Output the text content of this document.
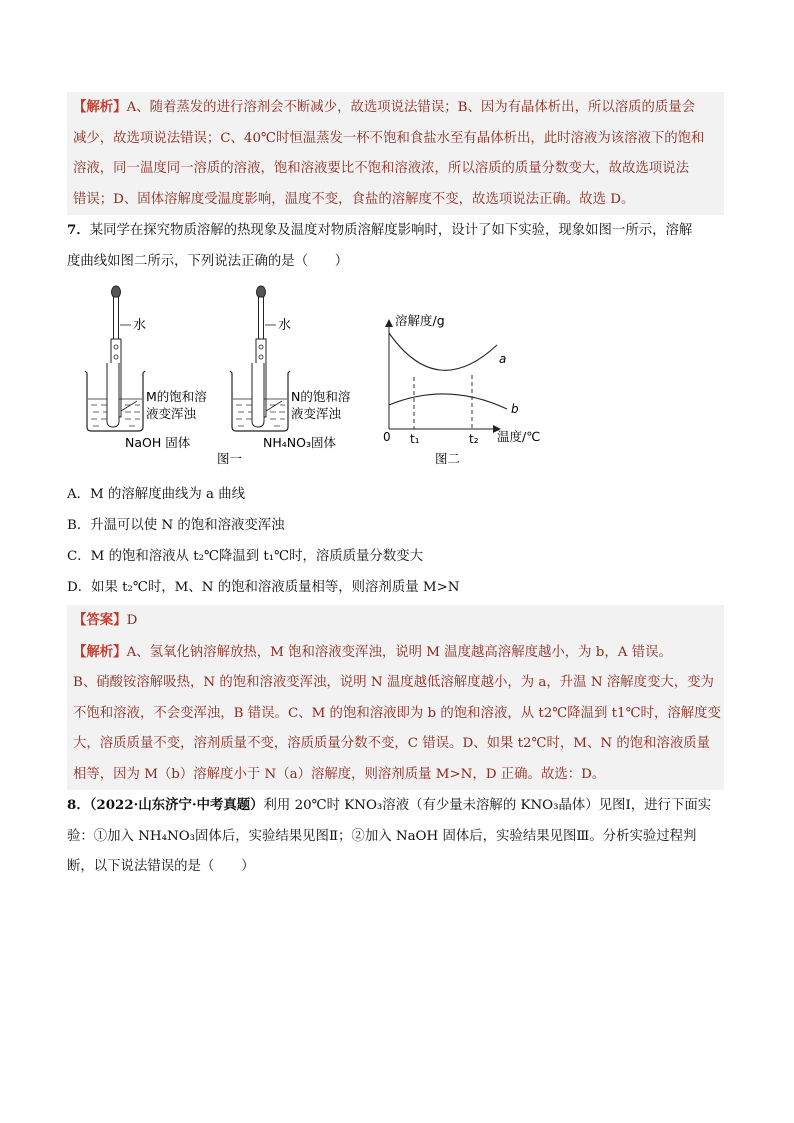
【解析】A、随着蒸发的进行溶剂会不断减少，故选项说法错误；B、因为有晶体析出，所以溶质的质量会
减少，故选项说法错误；C、40℃时恒温蒸发一杯不饱和食盐水至有晶体析出，此时溶液为该溶液下的饱和
溶液，同一温度同一溶质的溶液，饱和溶液要比不饱和溶液浓，所以溶质的质量分数变大，故故选项说法
错误；D、固体溶解度受温度影响，温度不变，食盐的溶解度不变，故选项说法正确。故选 D。
7．某同学在探究物质溶解的热现象及温度对物质溶解度影响时，设计了如下实验，现象如图一所示，溶解
度曲线如图二所示，下列说法正确的是（　　）
水
M的饱和溶
液变浑浊
NaOH 固体
图一
水
N的饱和溶
液变浑浊
NH₄NO₃固体
溶解度/g
温度/℃
0 t₁	t₂
a
b
图二
A．M 的溶解度曲线为 a 曲线
B．升温可以使 N 的饱和溶液变浑浊
C．M 的饱和溶液从 t₂℃降温到 t₁℃时，溶质质量分数变大
D．如果 t₂℃时，M、N 的饱和溶液质量相等，则溶剂质量 M>N
【答案】D
【解析】A、氢氧化钠溶解放热，M 饱和溶液变浑浊，说明 M 温度越高溶解度越小，为 b，A 错误。
B、硝酸铵溶解吸热，N 的饱和溶液变浑浊，说明 N 温度越低溶解度越小，为 a，升温 N 溶解度变大，变为
不饱和溶液，不会变浑浊，B 错误。C、M 的饱和溶液即为 b 的饱和溶液，从 t2℃降温到 t1℃时，溶解度变
大，溶质质量不变，溶剂质量不变，溶质质量分数不变，C 错误。D、如果 t2℃时，M、N 的饱和溶液质量
相等，因为 M（b）溶解度小于 N（a）溶解度，则溶剂质量 M>N，D 正确。故选：D。
8．（2022·山东济宁·中考真题）利用 20℃时 KNO₃溶液（有少量未溶解的 KNO₃晶体）见图Ⅰ，进行下面实
验：①加入 NH₄NO₃固体后，实验结果见图Ⅱ；②加入 NaOH 固体后，实验结果见图Ⅲ。分析实验过程判
断，以下说法错误的是（　　）
